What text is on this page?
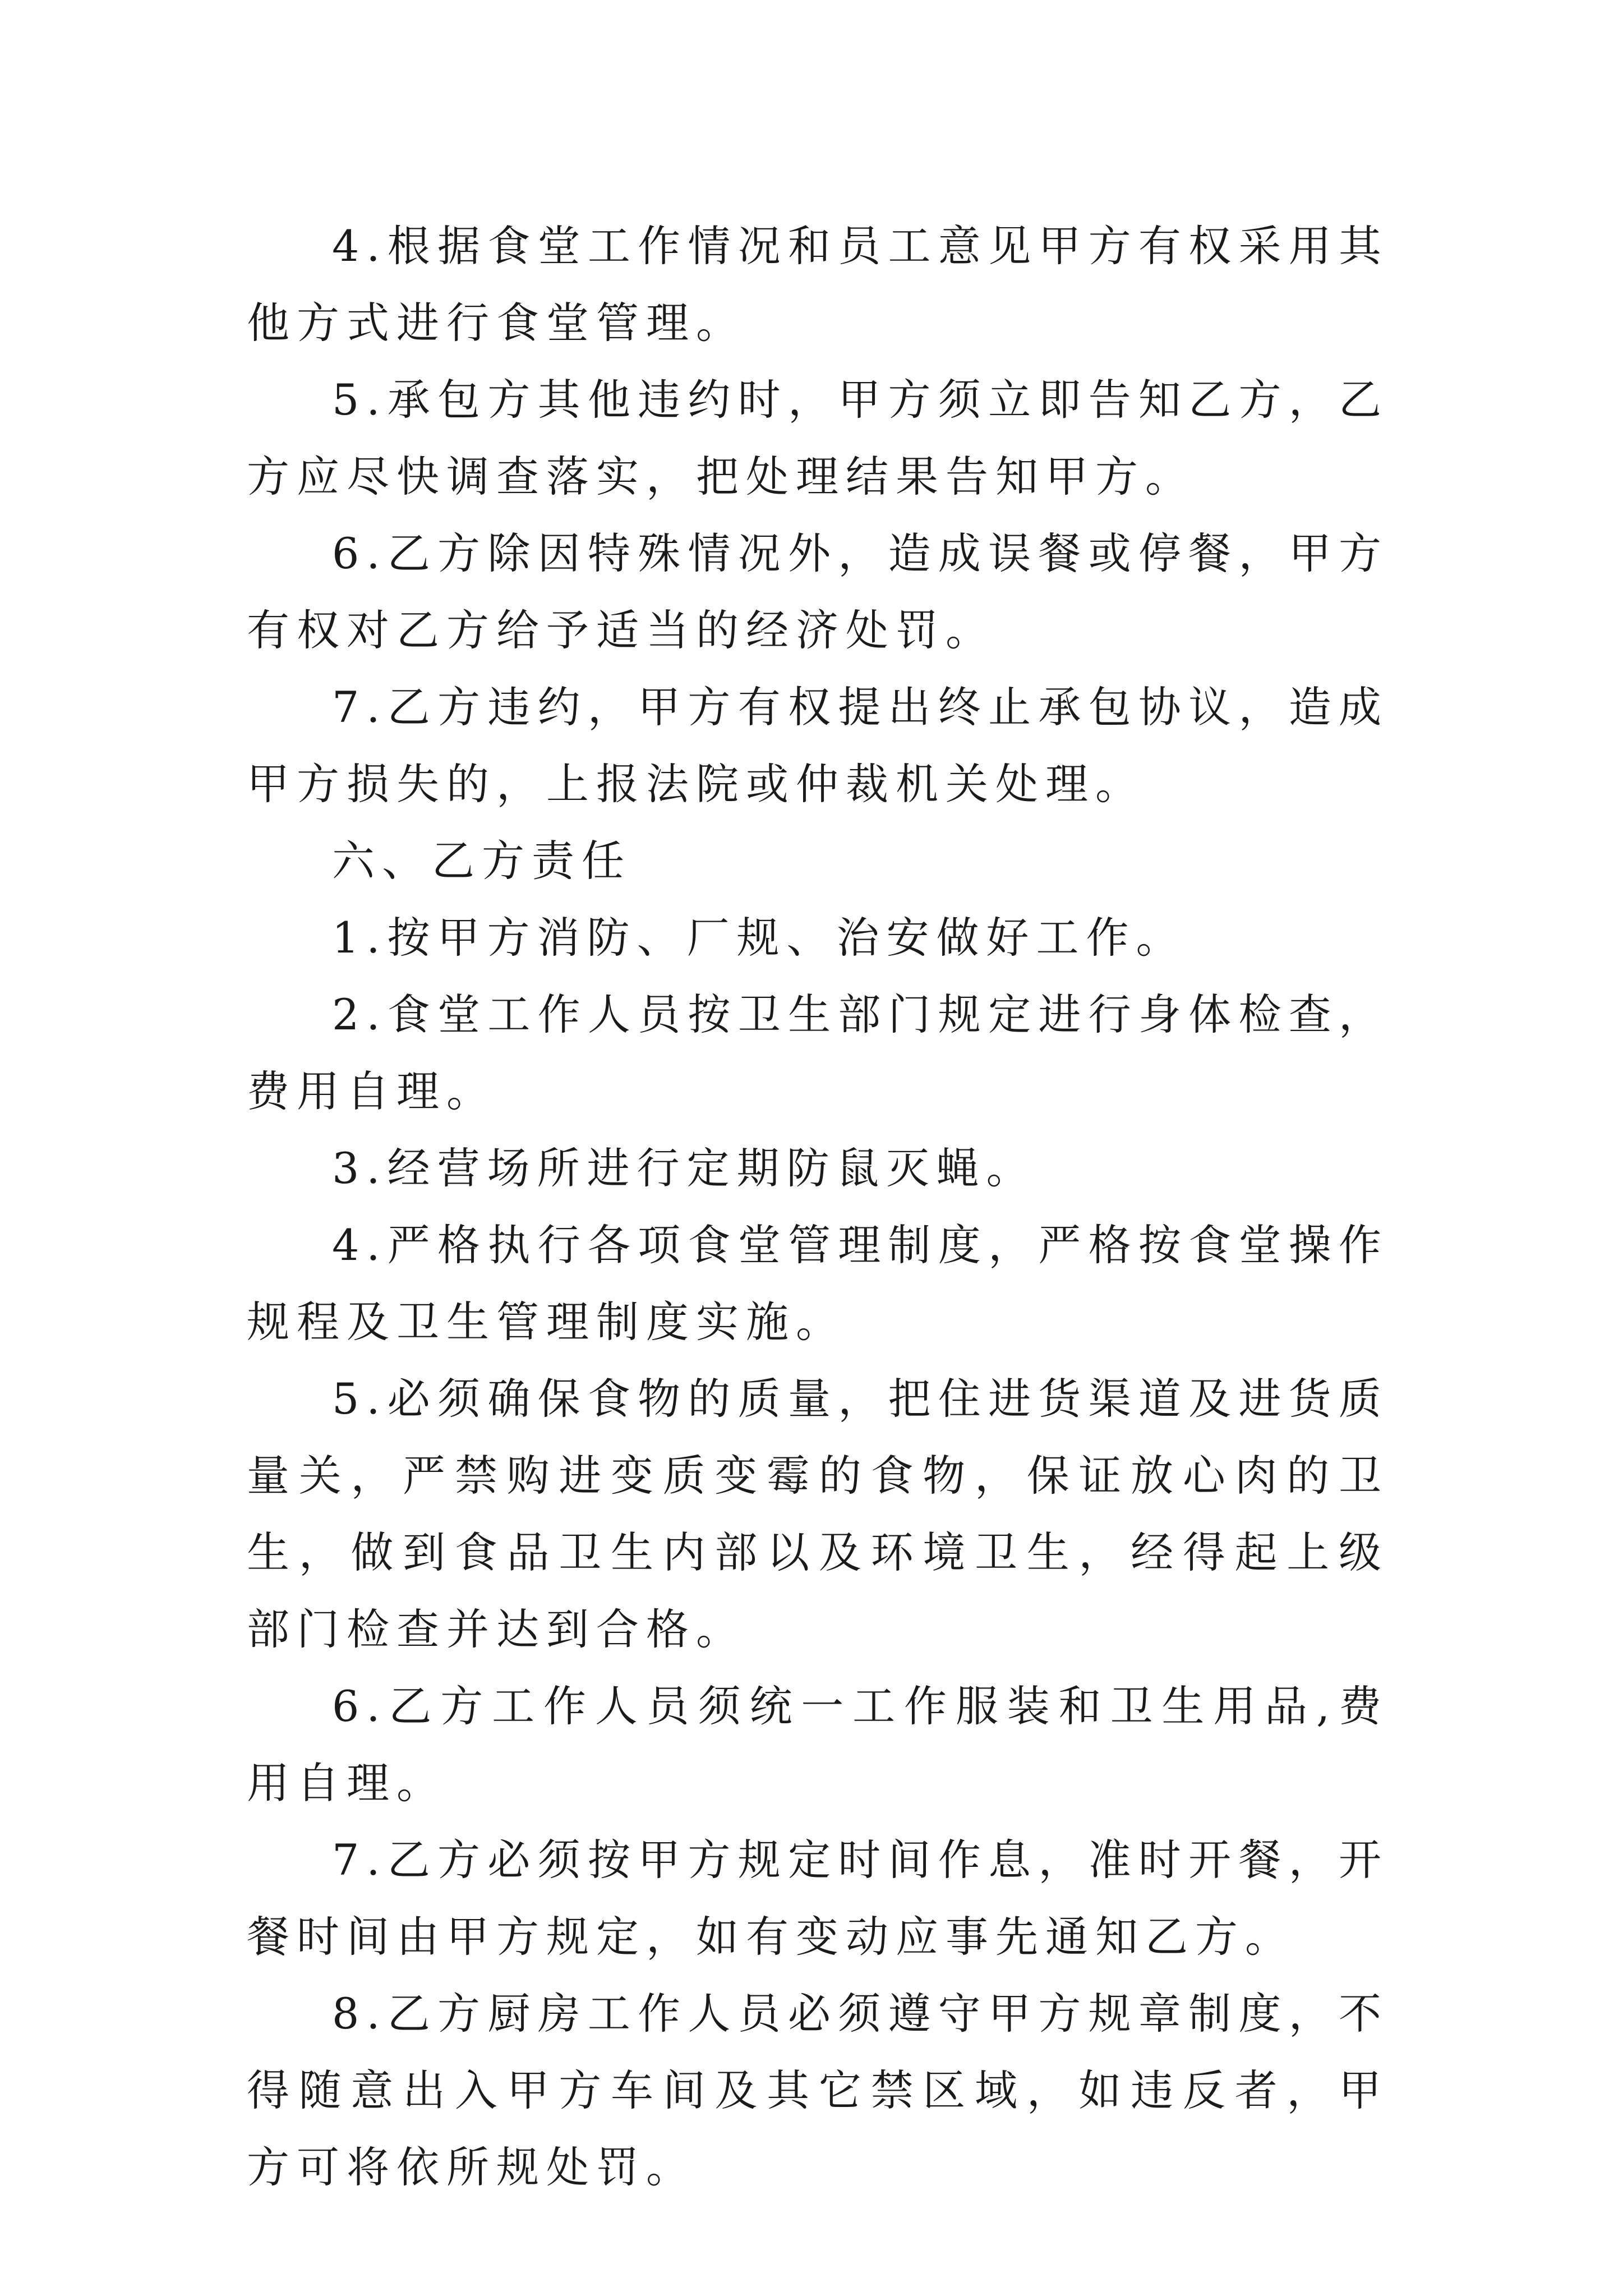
4.根据食堂工作情况和员工意见甲方有权采用其他方式进行食堂管理。

5.承包方其他违约时，甲方须立即告知乙方，乙方应尽快调查落实，把处理结果告知甲方。

6.乙方除因特殊情况外，造成误餐或停餐，甲方有权对乙方给予适当的经济处罚。

7.乙方违约，甲方有权提出终止承包协议，造成甲方损失的，上报法院或仲裁机关处理。

六、乙方责任

1.按甲方消防、厂规、治安做好工作。

2.食堂工作人员按卫生部门规定进行身体检查，费用自理。

3.经营场所进行定期防鼠灭蝇。

4.严格执行各项食堂管理制度，严格按食堂操作规程及卫生管理制度实施。

5.必须确保食物的质量，把住进货渠道及进货质量关，严禁购进变质变霉的食物，保证放心肉的卫生，做到食品卫生内部以及环境卫生，经得起上级部门检查并达到合格。

6.乙方工作人员须统一工作服装和卫生用品,费用自理。

7.乙方必须按甲方规定时间作息，准时开餐，开餐时间由甲方规定，如有变动应事先通知乙方。

8.乙方厨房工作人员必须遵守甲方规章制度，不得随意出入甲方车间及其它禁区域，如违反者，甲方可将依所规处罚。
